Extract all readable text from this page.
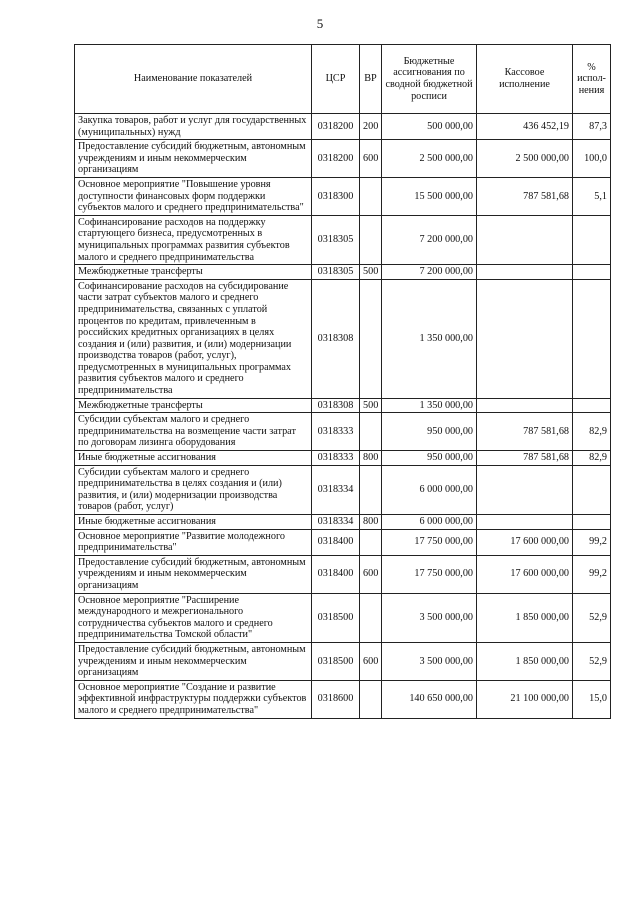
5
Наименование показателей	ЦСР	ВР	Бюджетные ассигнования по сводной бюджетной росписи	Кассовое исполнение	% испол-нения
Закупка товаров, работ и услуг для государственных (муниципальных) нужд	0318200	200	500 000,00	436 452,19	87,3
Предоставление субсидий бюджетным, автономным учреждениям и иным некоммерческим организациям	0318200	600	2 500 000,00	2 500 000,00	100,0
Основное мероприятие "Повышение уровня доступности финансовых форм поддержки субъектов малого и среднего предпринимательства"	0318300		15 500 000,00	787 581,68	5,1
Софинансирование расходов на поддержку стартующего бизнеса, предусмотренных в муниципальных программах развития субъектов малого и среднего предпринимательства	0318305		7 200 000,00		
Межбюджетные трансферты	0318305	500	7 200 000,00		
Софинансирование расходов на субсидирование части затрат субъектов малого и среднего предпринимательства, связанных с уплатой процентов по кредитам, привлеченным в российских кредитных организациях в целях создания и (или) развития, и (или) модернизации производства товаров (работ, услуг), предусмотренных в муниципальных программах развития субъектов малого и среднего предпринимательства	0318308		1 350 000,00		
Межбюджетные трансферты	0318308	500	1 350 000,00		
Субсидии субъектам малого и среднего предпринимательства на возмещение части затрат по договорам лизинга оборудования	0318333		950 000,00	787 581,68	82,9
Иные бюджетные ассигнования	0318333	800	950 000,00	787 581,68	82,9
Субсидии субъектам малого и среднего предпринимательства в целях создания и (или) развития, и (или) модернизации производства товаров (работ, услуг)	0318334		6 000 000,00		
Иные бюджетные ассигнования	0318334	800	6 000 000,00		
Основное мероприятие "Развитие молодежного предпринимательства"	0318400		17 750 000,00	17 600 000,00	99,2
Предоставление субсидий бюджетным, автономным учреждениям и иным некоммерческим организациям	0318400	600	17 750 000,00	17 600 000,00	99,2
Основное мероприятие "Расширение международного и межрегионального сотрудничества субъектов малого и среднего предпринимательства Томской области"	0318500		3 500 000,00	1 850 000,00	52,9
Предоставление субсидий бюджетным, автономным учреждениям и иным некоммерческим организациям	0318500	600	3 500 000,00	1 850 000,00	52,9
Основное мероприятие "Создание и развитие эффективной инфраструктуры поддержки субъектов малого и среднего предпринимательства"	0318600		140 650 000,00	21 100 000,00	15,0
